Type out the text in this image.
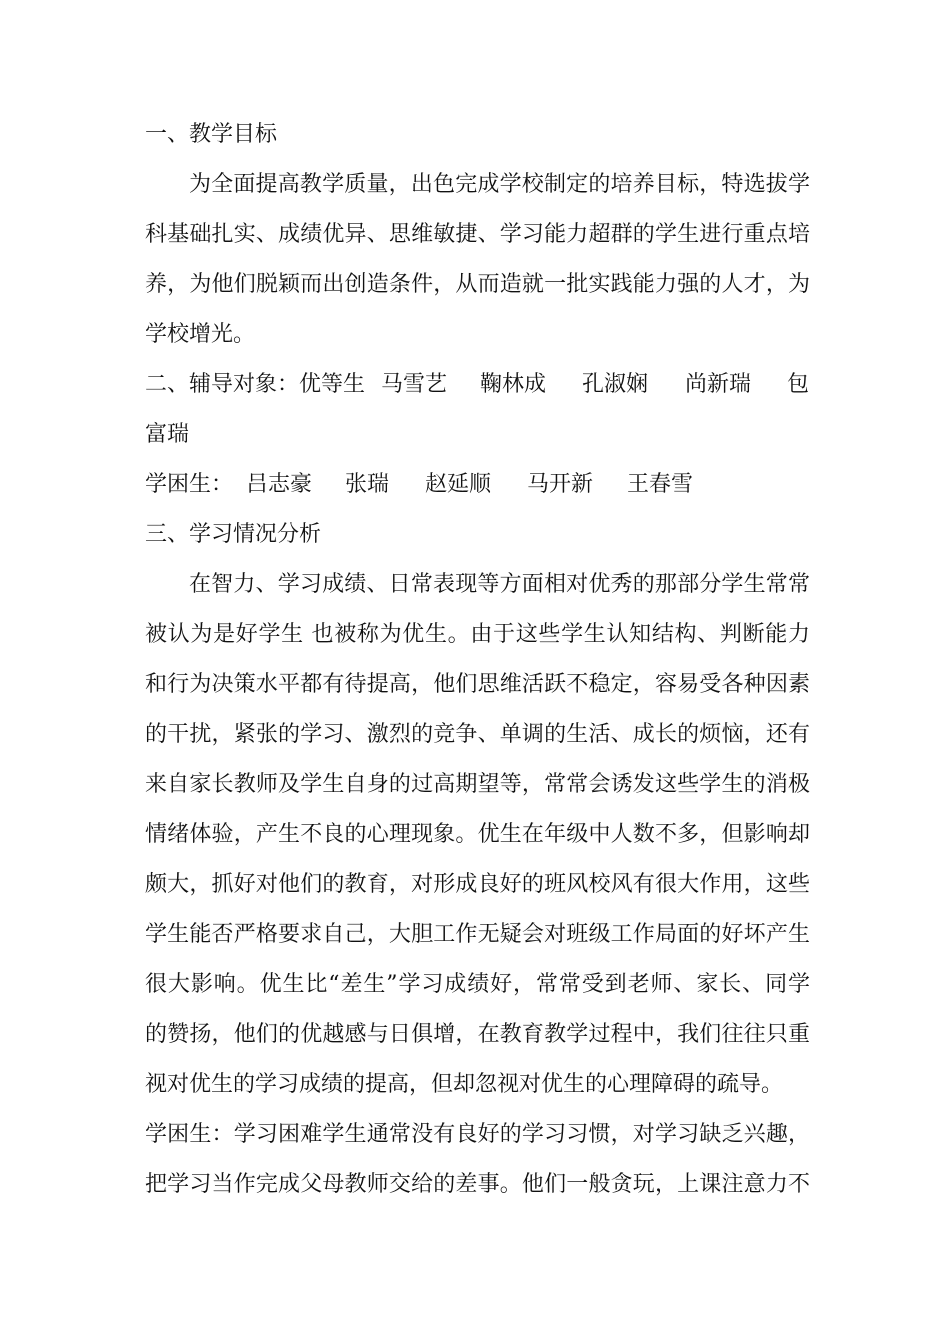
一、教学目标

为全面提高教学质量，出色完成学校制定的培养目标，特选拔学

科基础扎实、成绩优异、思维敏捷、学习能力超群的学生进行重点培

养，为他们脱颖而出创造条件，从而造就一批实践能力强的人才，为

学校增光。

二、辅导对象：优等生 马雪艺 鞠林成 孔淑娴 尚新瑞 包

富瑞

学困生： 吕志豪 张瑞 赵延顺 马开新 王春雪

三、学习情况分析

在智力、学习成绩、日常表现等方面相对优秀的那部分学生常常

被认为是好学生 也被称为优生。由于这些学生认知结构、判断能力

和行为决策水平都有待提高，他们思维活跃不稳定，容易受各种因素

的干扰，紧张的学习、激烈的竞争、单调的生活、成长的烦恼，还有

来自家长教师及学生自身的过高期望等，常常会诱发这些学生的消极

情绪体验，产生不良的心理现象。优生在年级中人数不多，但影响却

颇大，抓好对他们的教育，对形成良好的班风校风有很大作用，这些

学生能否严格要求自己，大胆工作无疑会对班级工作局面的好坏产生

很大影响。优生比“差生”学习成绩好，常常受到老师、家长、同学

的赞扬，他们的优越感与日俱增，在教育教学过程中，我们往往只重

视对优生的学习成绩的提高，但却忽视对优生的心理障碍的疏导。

学困生：学习困难学生通常没有良好的学习习惯，对学习缺乏兴趣，

把学习当作完成父母教师交给的差事。他们一般贪玩，上课注意力不
